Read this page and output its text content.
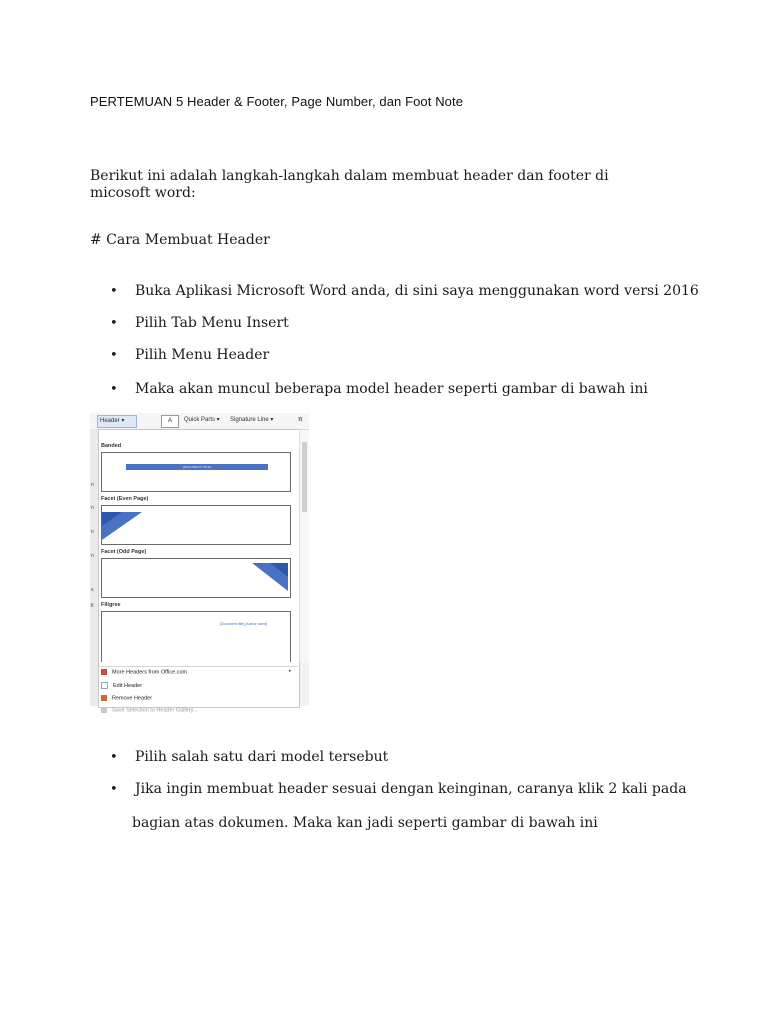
PERTEMUAN 5 Header & Footer, Page Number, dan Foot Note
Berikut ini adalah langkah-langkah dalam membuat header dan footer di micosoft word:
# Cara Membuat Header
• Buka Aplikasi Microsoft Word anda, di sini saya menggunakan word versi 2016
• Pilih Tab Menu Insert
• Pilih Menu Header
• Maka akan muncul beberapa model header seperti gambar di bawah ini
Header ▾	A	Quick Parts ▾	Signature Line ▾	π
n
n
o
n
s
fi
Banded
[DOCUMENT TITLE]
Facet (Even Page)
Facet (Odd Page)
Filigree
[Document title] [Author name]
▸
More Headers from Office.com
Edit Header
Remove Header
Save Selection to Header Gallery...
• Pilih salah satu dari model tersebut
• Jika ingin membuat header sesuai dengan keinginan, caranya klik 2 kali pada
bagian atas dokumen. Maka kan jadi seperti gambar di bawah ini
